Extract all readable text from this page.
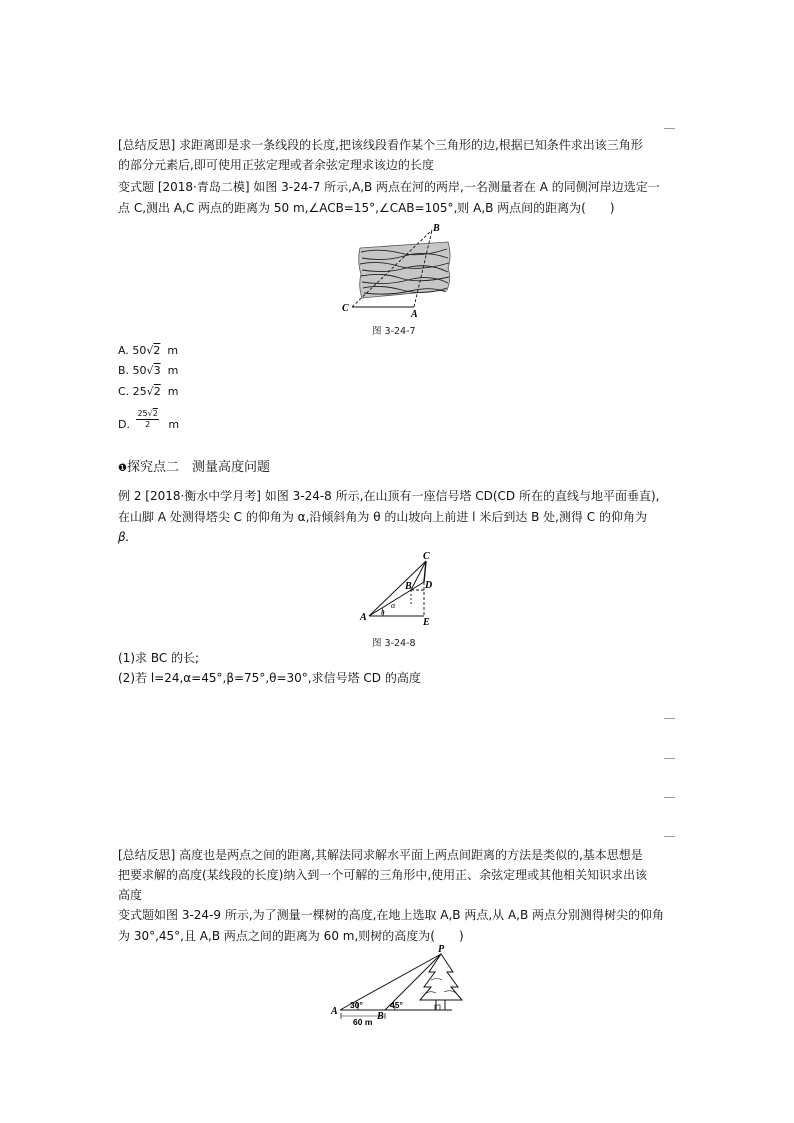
[总结反思] 求距离即是求一条线段的长度,把该线段看作某个三角形的边,根据已知条件求出该三角形
的部分元素后,即可使用正弦定理或者余弦定理求该边的长度
变式题 [2018·青岛二模] 如图 3-24-7 所示,A,B 两点在河的两岸,一名测量者在 A 的同侧河岸边选定一
点 C,测出 A,C 两点的距离为 50 m,∠ACB=15°,∠CAB=105°,则 A,B 两点间的距离为(　　)
B
C
A
图 3-24-7
A. 50√2 m
B. 50√3 m
C. 25√2 m
D. $\frac{25√2}{2}$ m
❶探究点二　测量高度问题
例 2 [2018·衡水中学月考] 如图 3-24-8 所示,在山顶有一座信号塔 CD(CD 所在的直线与地平面垂直),
在山脚 A 处测得塔尖 C 的仰角为 α,沿倾斜角为 θ 的山坡向上前进 l 米后到达 B 处,测得 C 的仰角为
β.
C
B D
A	E
α
θ
图 3-24-8
(1)求 BC 的长;
(2)若 l=24,α=45°,β=75°,θ=30°,求信号塔 CD 的高度
[总结反思] 高度也是两点之间的距离,其解法同求解水平面上两点间距离的方法是类似的,基本思想是
把要求解的高度(某线段的长度)纳入到一个可解的三角形中,使用正、余弦定理或其他相关知识求出该
高度
变式题如图 3-24-9 所示,为了测量一棵树的高度,在地上选取 A,B 两点,从 A,B 两点分别测得树尖的仰角
为 30°,45°,且 A,B 两点之间的距离为 60 m,则树的高度为(　　)
P
A	B
30°	45°
60 m
